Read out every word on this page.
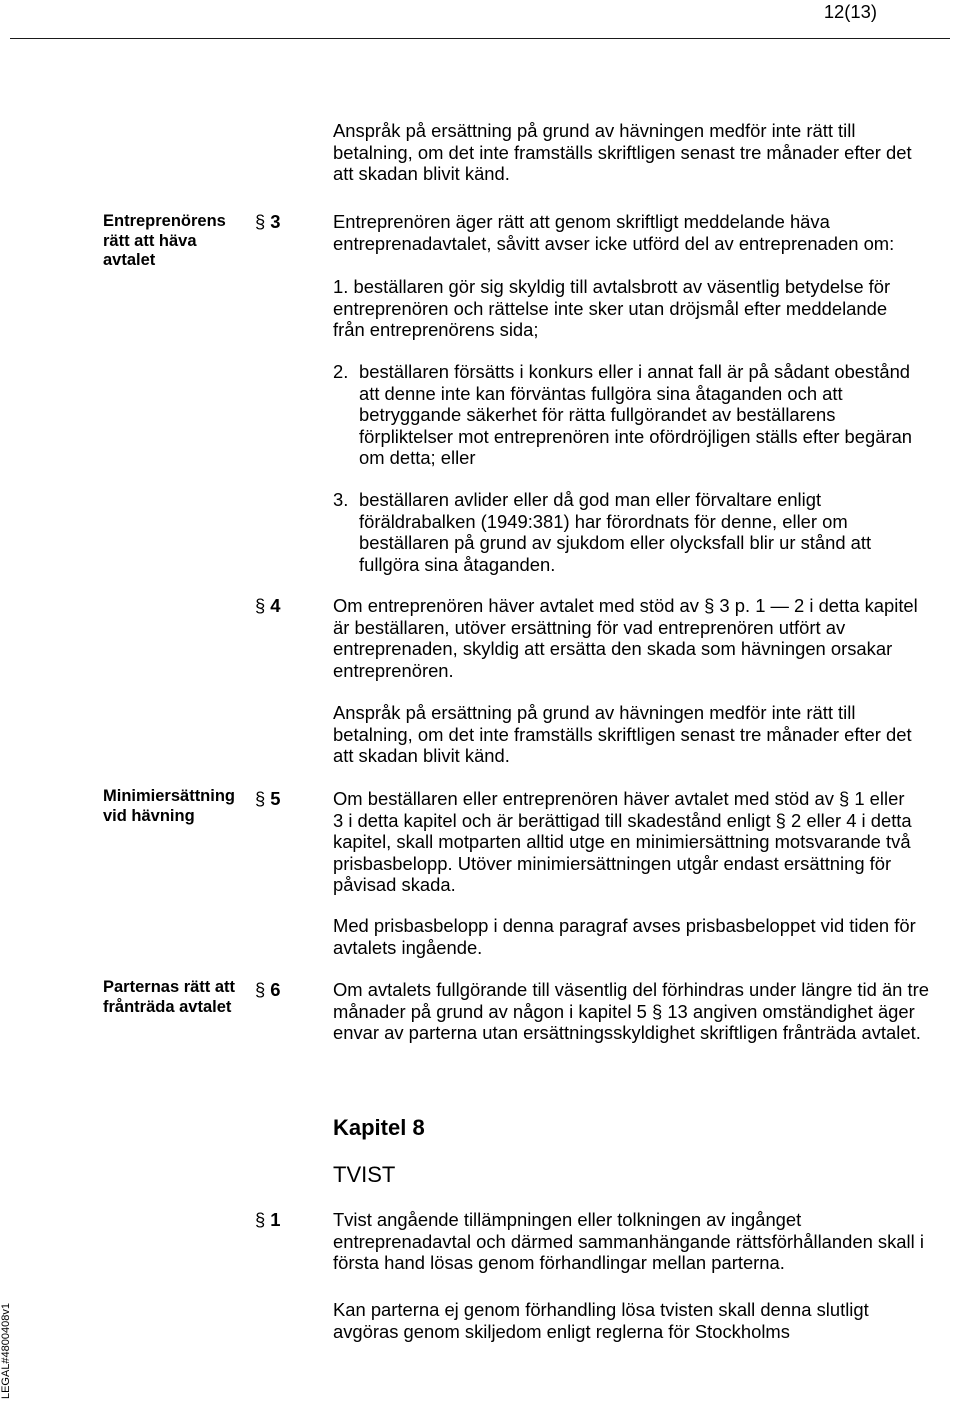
12(13)
Anspråk på ersättning på grund av hävningen medför inte rätt till
betalning, om det inte framställs skriftligen senast tre månader efter det
att skadan blivit känd.
Entreprenörens
rätt att häva
avtalet
§ 3	Entreprenören äger rätt att genom skriftligt meddelande häva
entreprenadavtalet, såvitt avser icke utförd del av entreprenaden om:
1. beställaren gör sig skyldig till avtalsbrott av väsentlig betydelse för
entreprenören och rättelse inte sker utan dröjsmål efter meddelande
från entreprenörens sida;
2. beställaren försätts i konkurs eller i annat fall är på sådant obestånd
att denne inte kan förväntas fullgöra sina åtaganden och att
betryggande säkerhet för rätta fullgörandet av beställarens
förpliktelser mot entreprenören inte ofördröjligen ställs efter begäran
om detta; eller
3. beställaren avlider eller då god man eller förvaltare enligt
föräldrabalken (1949:381) har förordnats för denne, eller om
beställaren på grund av sjukdom eller olycksfall blir ur stånd att
fullgöra sina åtaganden.
§ 4	Om entreprenören häver avtalet med stöd av § 3 p. 1 — 2 i detta kapitel
är beställaren, utöver ersättning för vad entreprenören utfört av
entreprenaden, skyldig att ersätta den skada som hävningen orsakar
entreprenören.
Anspråk på ersättning på grund av hävningen medför inte rätt till
betalning, om det inte framställs skriftligen senast tre månader efter det
att skadan blivit känd.
Minimiersättning
vid hävning
§ 5	Om beställaren eller entreprenören häver avtalet med stöd av § 1 eller
3 i detta kapitel och är berättigad till skadestånd enligt § 2 eller 4 i detta
kapitel, skall motparten alltid utge en minimiersättning motsvarande två
prisbasbelopp. Utöver minimiersättningen utgår endast ersättning för
påvisad skada.
Med prisbasbelopp i denna paragraf avses prisbasbeloppet vid tiden för
avtalets ingående.
Parternas rätt att
frånträda avtalet
§ 6	Om avtalets fullgörande till väsentlig del förhindras under längre tid än tre
månader på grund av någon i kapitel 5 § 13 angiven omständighet äger
envar av parterna utan ersättningsskyldighet skriftligen frånträda avtalet.
Kapitel 8
TVIST
§ 1	Tvist angående tillämpningen eller tolkningen av ingånget
entreprenadavtal och därmed sammanhängande rättsförhållanden skall i
första hand lösas genom förhandlingar mellan parterna.
Kan parterna ej genom förhandling lösa tvisten skall denna slutligt
avgöras genom skiljedom enligt reglerna för Stockholms
LEGAL#4800408v1
